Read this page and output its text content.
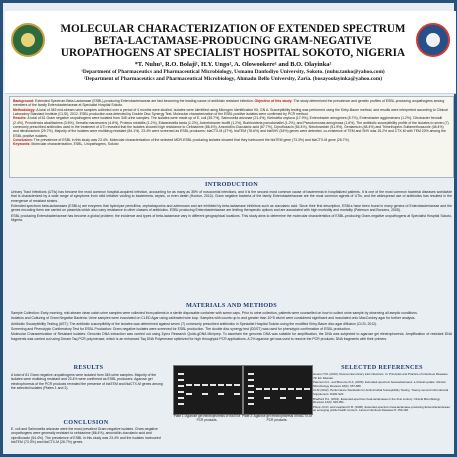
MOLECULAR CHARACTERIZATION OF EXTENDED SPECTRUM BETA-LACTAMASE-PRODUCING GRAM-NEGATIVE UROPATHOGENS AT SPECIALIST HOSPITAL SOKOTO, NIGERIA
*T. Nuhu¹, R.O. Bolaji¹, H.Y. Ungo², A. Olowookere¹ and B.O. Olayinka²
¹Department of Pharmaceutics and Pharmaceutical Microbiology, Usmanu Danfodiyo University, Sokoto. (nuhu.tanko@yahoo.com)
²Department of Pharmaceutics and Pharmaceutical Microbiology, Ahmadu Bello University, Zaria. (busayoolayinka@yahoo.com)

Background: Extended Spectrum Beta-Lactamase (ESBL)-producing Enterobacteriaceae are fast becoming the leading cause of antibiotic resistant infection. Objective of this study: The study determined the prevalence and genetic profiles of ESBL-producing uropathogens among members of the family Enterobacteriaceae at Specialist Hospital Sokoto.

Methodology: A total of 345 mid-stream urine samples collected over a period of 4 months were studied. Isolates were identified using Microgen Identification Kit, GN A. Susceptibility testing was performed using the Kirby-Bauer method, and results were interpreted according to Clinical Laboratory Standard Institute (CLSI), 2012. ESBL production was detected by Double Disc Synergy Test. Molecular characterization of the ESBL positive isolates were confirmed by PCR method.

Results: A total of 81 Gram negative uropathogens were isolated from 345 urine samples. The isolates were made up of E. coli (35.7%), Salmonella arizonae (21.4%), Klebsiella oxytoca (17.9%), Enterobacter aerogenes (8.7%), Enterobacter agglomerans (1.2%), Citrobacter freundii (2.4%), Providencia alcalifaciens (3.6%), Serratia marcescens (4.8%), Proteus mirabilis (1.2%), Edwardsiella tarda (1.2%), Acinetobacter lwoffii (1.2%), Burkholderia pseudomallei (1.2%), and Pseudomonas aeruginosa (1.6%). The antibiotic susceptibility profile of the isolates to seven (7) commonly prescribed antibiotics used in the treatment of UTI revealed that the isolates showed high resistance to Cefotaxime (86.4%), Amoxicillin-Clavulanic acid (67.7%), Ciprofloxacin (54.4%), Nitrofurantoin (51.9%), Gentamicin (48.4%) and Trimethoprim-Sulfamethoxazole (48.4%) and nitrofurantoin (29.7%). Majority of the isolates were multidrug resistant (84.1%). 23.4% were screened as ESBL producers; blaCTX-M (47%), blaTEM (78.6%) and blaSHV (54%) genes were detected, co-existence of TEM and SHV was 15.2% and CTX-M with TEM 20% among the ESBL positive isolates.

Conclusion: The prevalence of ESBL in this study was 23.4%. Molecular characterization of the selected MDR-ESBL producing isolates showed that they harboured the blaTEM gene (73.3%) and blaCTX-M gene (26.7%).

Keywords: Molecular characterization, ESBL, Uropathogens, Sokoto

INTRODUCTION

Urinary Tract Infections (UTIs) has become the most common hospital-acquired infection, accounting for as many as 35% of nosocomial infections, and it is the second most common cause of bacteremia in hospitalized patients. It is one of the most common bacterial diseases worldwide that is characterized by a wide range of symptoms from mild irritative voiding to bacteremia, sepsis, or even death (Hooton, 2010). Gram negative bacteria of the family Enterobacteriaceae are the most common agents of UTIs, and the widespread use of antibiotics has resulted in the emergence of resistant strains.

Extended spectrum beta-lactamases (ESBLs) are enzymes that hydrolyse penicillins, cephalosporins and aztreonam and are inhibited by beta-lactamase inhibitors such as clavulanic acid. Since their first description, ESBLs have been found in many genera of Enterobacteriaceae and the genes encoding them are carried on plasmids which also carry resistance to other classes of antibiotics. ESBL producing Enterobacteriaceae are limiting therapeutic options and are associated with high morbidity and mortality (Paterson and Bonomo, 2005).

ESBL producing Enterobacteriaceae has become a global problem; the incidence and types of beta-lactamase vary in different geographical locations. This study aims to determine the molecular characteristics of ESBL-producing Gram-negative uropathogens at Specialist Hospital Sokoto, Nigeria.

MATERIALS AND METHODS

Sample Collection: Early-morning, mid-stream clean catch urine samples were collected from patients in a sterile disposable container with screw caps. Prior to urine collection, patients were counselled on how to collect urine sample by observing all aseptic conditions.

Isolation and Culturing of Gram Negative Bacteria: Urine samples were inoculated on CLED Agar using calibrated wire loop. Samples with counts up to and greater than 10^5 cfu/ml were considered significant and inoculated onto MacConkey agar for further analysis.

Antibiotic Susceptibility Testing (AST): The antibiotic susceptibility of the isolates was determined against seven (7) commonly prescribed antibiotics in Specialist Hospital Sokoto using the modified Kirby-Bauer disc agar diffusion (CLSI, 2012).

Screening and Phenotypic Confirmatory Test for ESBL Production: Gram-negative isolates were screened for ESBL production. The double disc synergy test (DDST) was used for phenotypic confirmation of ESBL production.

Molecular Characterization of Resistant Isolates: Genomic DNA extraction was carried out using Zymo Research Quick-gDNA Miniprep. To ascertain the genomic DNA was suitable for amplification, the DNA was subjected to agarose gel electrophoresis. Amplification of resistant DNA fragments was carried out using Dream Taq PCR polymerase, which is an enhanced Taq DNA Polymerase optimized for high throughput PCR applications. A 2% agarose gel was used to resolve the PCR products; DNA fragments with their primers.

RESULTS
A total of 81 Gram negative uropathogens were isolated from 345 urine samples. Majority of the isolates were multidrug resistant and 23.4% were confirmed as ESBL producers. Agarose gel electrophoresis of the PCR products revealed the presence of blaTEM and blaCTX-M genes among the selected isolates (Plates 1 and 2).
CONCLUSION
E. coli and Salmonella arizonae were the most prevalent Gram-negative isolates. Gram-negative uropathogens were generally resistant to cefotaxime (86.4%), amoxicillin-clavulanic acid and ciprofloxacin (54.4%). The prevalence of ESBL in this study was 23.4% and the isolates harboured blaTEM (73.3%) and blaCTX-M (26.7%) genes.
Plate 1: Agarose gel electrophoresis of blaTEM PCR products.
Plate 2: Agarose gel electrophoresis of blaCTX-M PCR products.
SELECTED REFERENCES
Hooton T.M. (2010). Nosocomial urinary tract infections. In: Principles and Practice of Infectious Diseases. 7th Ed. Elsevier.
Paterson D.L. and Bonomo R.A. (2005). Extended-spectrum beta-lactamases: a clinical update. Clinical Microbiology Reviews 18(4): 657-686.
CLSI (2012). Performance Standards for Antimicrobial Susceptibility Testing. Twenty-second Informational Supplement. M100-S22.
Bradford P.A. (2001). Extended-spectrum beta-lactamases in the 21st century. Clinical Microbiology Reviews 14(4): 933-951.
Pitout J.D.D. and Laupland K.B. (2008). Extended-spectrum beta-lactamase-producing Enterobacteriaceae: an emerging public-health concern. Lancet Infectious Diseases 8: 159-166.
